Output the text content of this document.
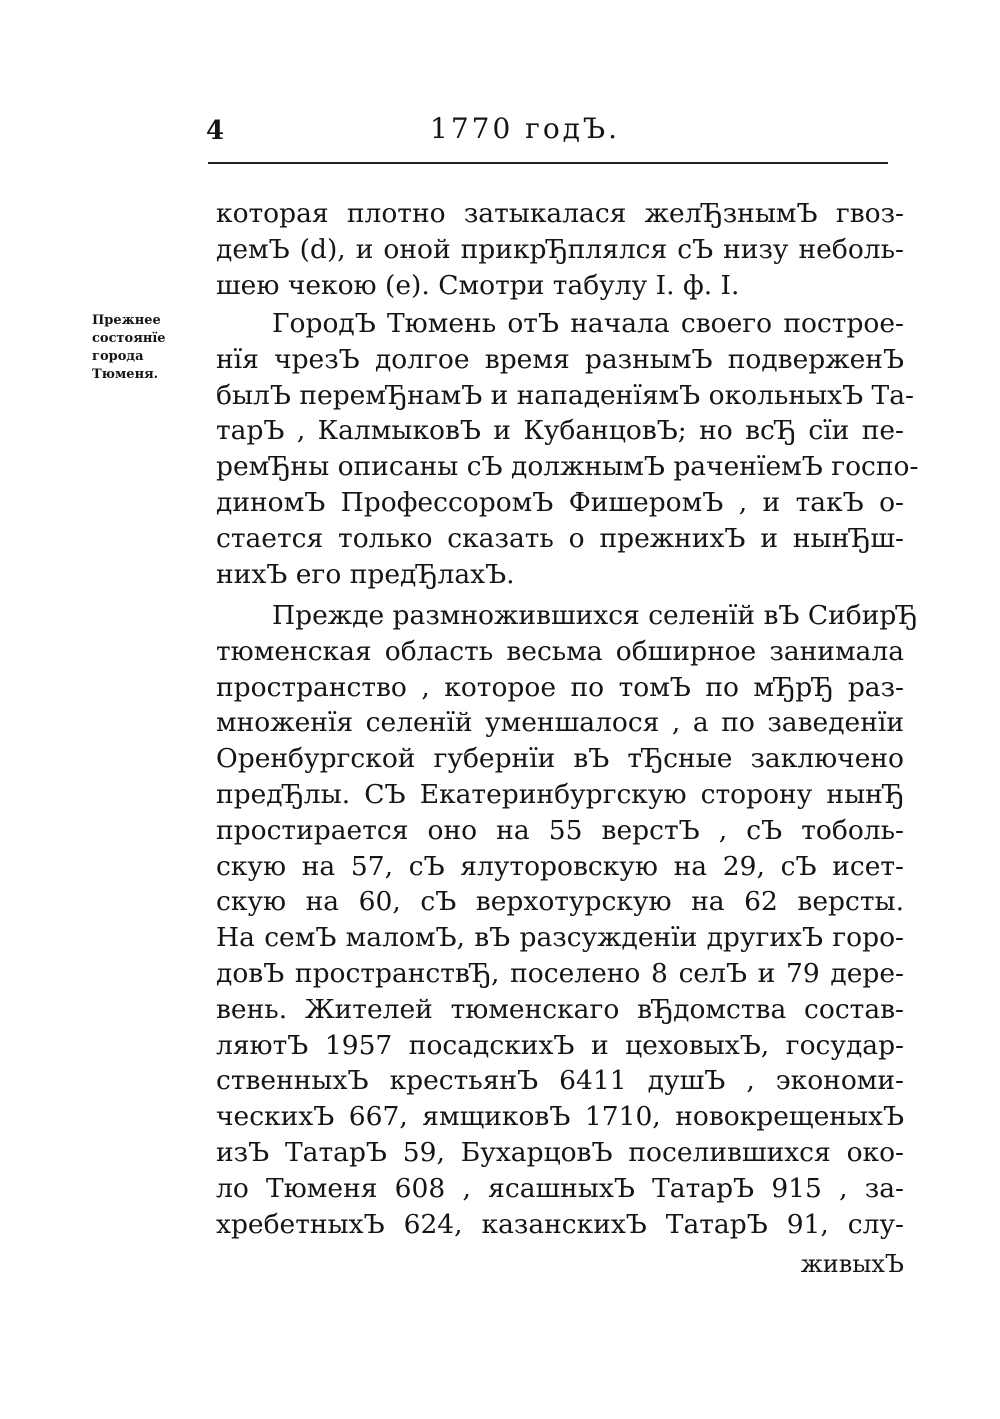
4	1770 годЪ.
Прежнее
состоянїе
города
Тюменя.
которая плотно затыкалася желЂзнымЪ гвоз-
демЪ (d), и оной прикрЂплялся сЪ низу неболь-
шею чекою (е). Смотри табулу I. ф. I.
ГородЪ Тюмень отЪ начала своего построе-
нїя чрезЪ долгое время разнымЪ подверженЪ
былЪ перемЂнамЪ и нападенїямЪ окольныхЪ Та-
тарЪ , КалмыковЪ и КубанцовЪ; но всЂ сїи пе-
ремЂны описаны сЪ должнымЪ раченїемЪ госпо-
диномЪ ПрофессоромЪ ФишеромЪ , и такЪ о-
стается только сказать о прежнихЪ и нынЂш-
нихЪ его предЂлахЪ.
Прежде размножившихся селенїй вЪ СибирЂ
тюменская область весьма обширное занимала
пространство , которое по томЪ по мЂрЂ раз-
множенїя селенїй уменшалося , а по заведенїи
Оренбургской губернїи вЪ тЂсные заключено
предЂлы. СЪ Екатеринбургскую сторону нынЂ
простирается оно на 55 верстЪ , сЪ тоболь-
скую на 57, сЪ ялуторовскую на 29, сЪ исет-
скую на 60, сЪ верхотурскую на 62 версты.
На семЪ маломЪ, вЪ разсужденїи другихЪ горо-
довЪ пространствЂ, поселено 8 селЪ и 79 дере-
вень. Жителей тюменскаго вЂдомства состав-
ляютЪ 1957 посадскихЪ и цеховыхЪ, государ-
ственныхЪ крестьянЪ 6411 душЪ , экономи-
ческихЪ 667, ямщиковЪ 1710, новокрещеныхЪ
изЪ ТатарЪ 59, БухарцовЪ поселившихся око-
ло Тюменя 608 , ясашныхЪ ТатарЪ 915 , за-
хребетныхЪ 624, казанскихЪ ТатарЪ 91, слу-
живыхЪ
